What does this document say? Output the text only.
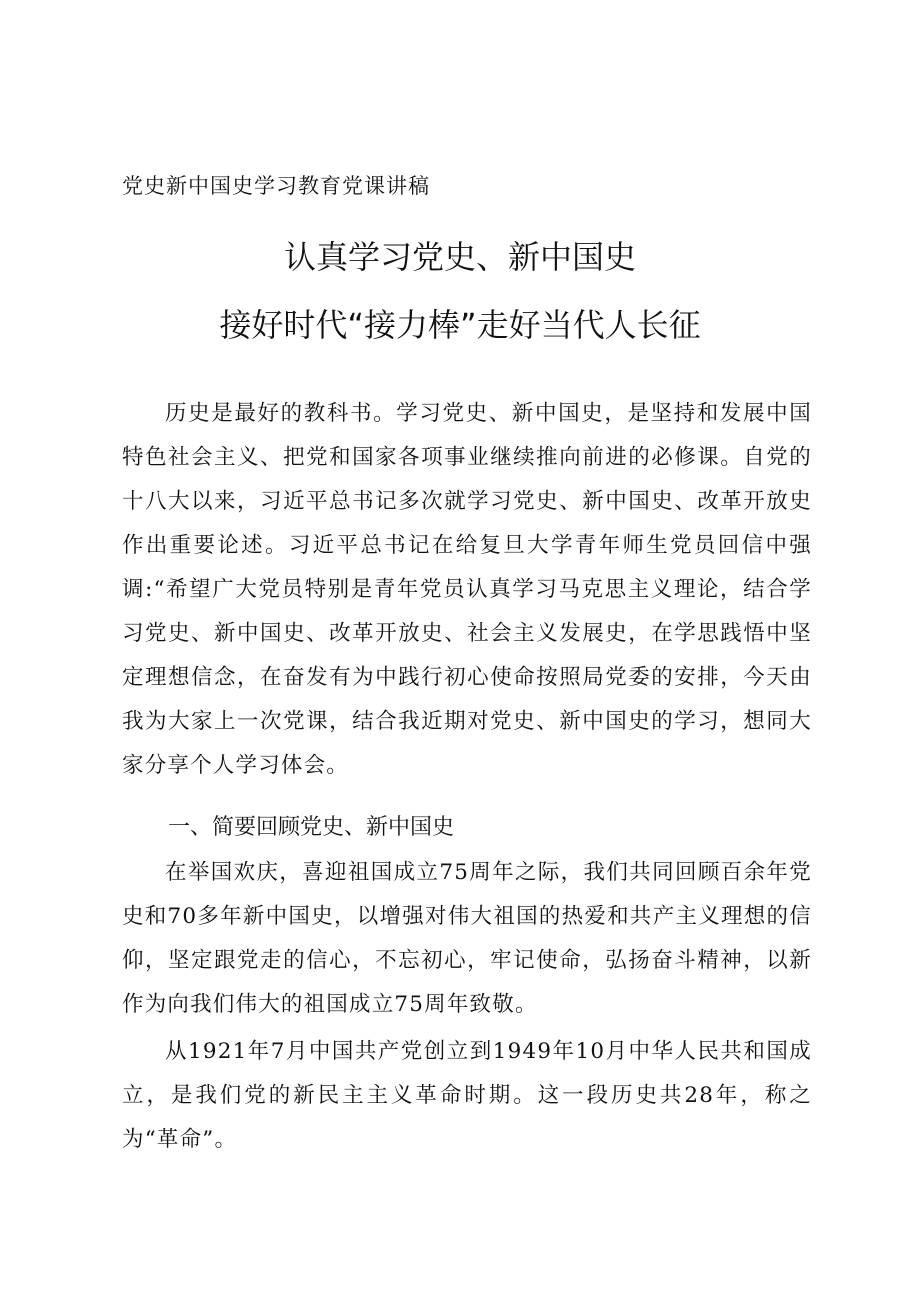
党史新中国史学习教育党课讲稿
认真学习党史、新中国史
接好时代“接力棒”走好当代人长征

历史是最好的教科书。学习党史、新中国史，是坚持和发展中国特色社会主义、把党和国家各项事业继续推向前进的必修课。自党的十八大以来，习近平总书记多次就学习党史、新中国史、改革开放史作出重要论述。习近平总书记在给复旦大学青年师生党员回信中强调:“希望广大党员特别是青年党员认真学习马克思主义理论，结合学习党史、新中国史、改革开放史、社会主义发展史，在学思践悟中坚定理想信念，在奋发有为中践行初心使命按照局党委的安排，今天由我为大家上一次党课，结合我近期对党史、新中国史的学习，想同大家分享个人学习体会。

一、简要回顾党史、新中国史

在举国欢庆，喜迎祖国成立75周年之际，我们共同回顾百余年党史和70多年新中国史，以增强对伟大祖国的热爱和共产主义理想的信仰，坚定跟党走的信心，不忘初心，牢记使命，弘扬奋斗精神，以新作为向我们伟大的祖国成立75周年致敬。

从1921年7月中国共产党创立到1949年10月中华人民共和国成立，是我们党的新民主主义革命时期。这一段历史共28年，称之为“革命”。
